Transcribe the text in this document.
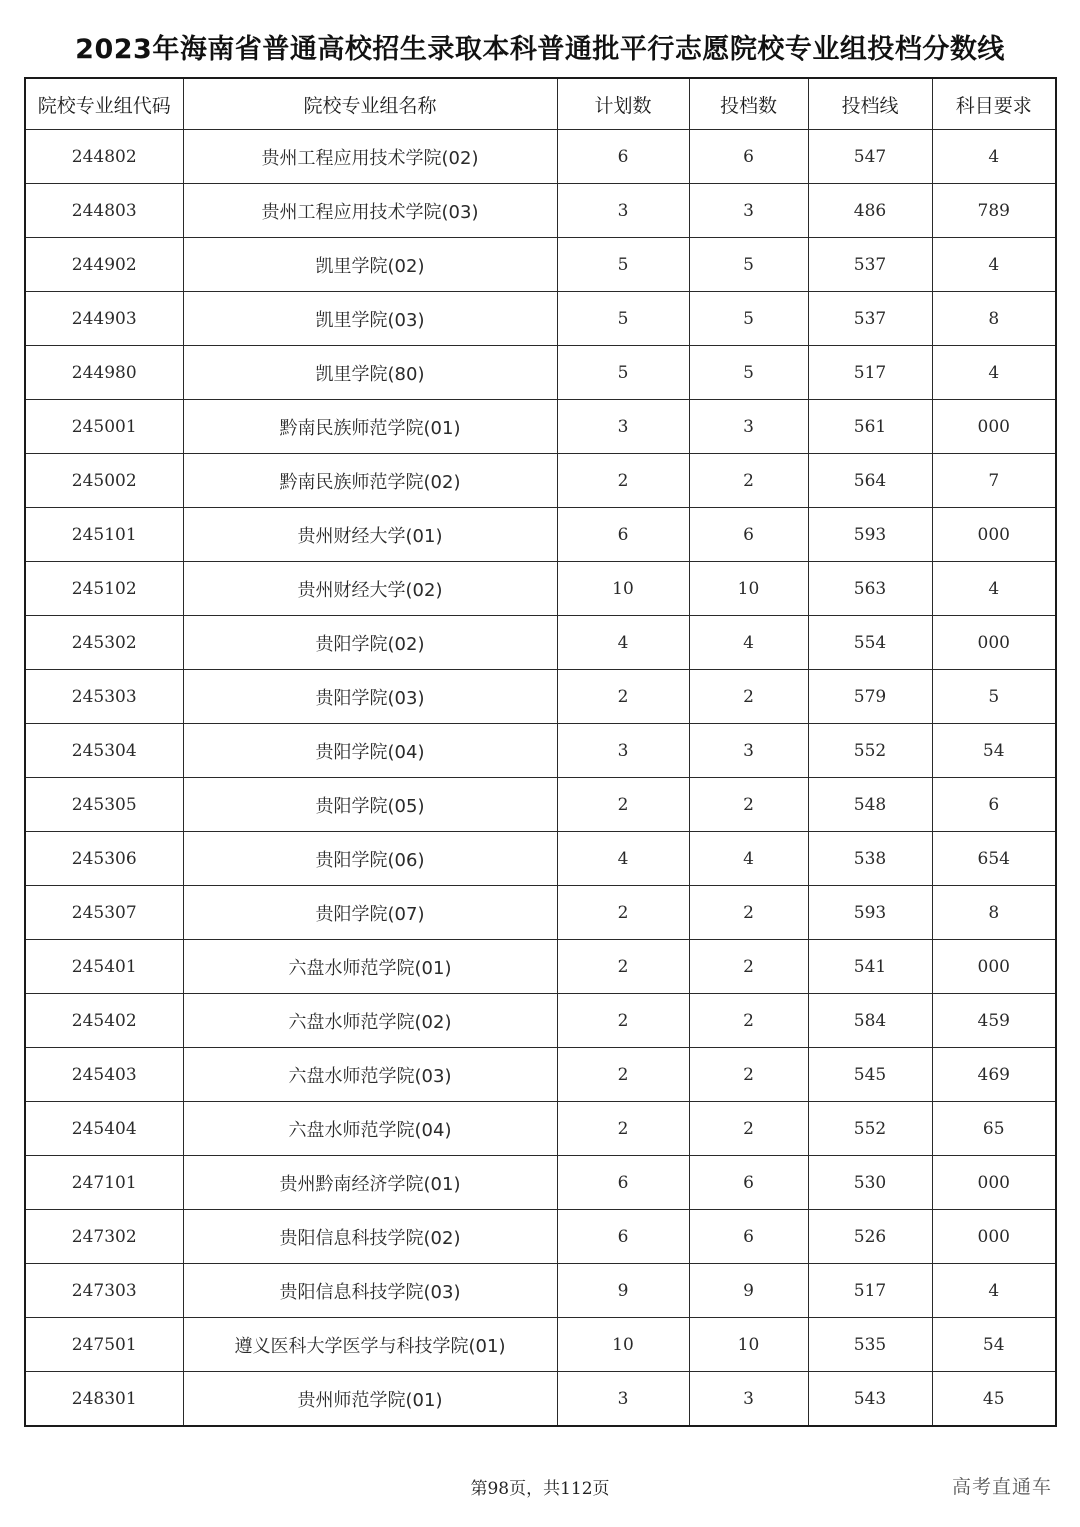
2023年海南省普通高校招生录取本科普通批平行志愿院校专业组投档分数线
院校专业组代码	院校专业组名称	计划数	投档数	投档线	科目要求
244802	贵州工程应用技术学院(02)	6	6	547	4
244803	贵州工程应用技术学院(03)	3	3	486	789
244902	凯里学院(02)	5	5	537	4
244903	凯里学院(03)	5	5	537	8
244980	凯里学院(80)	5	5	517	4
245001	黔南民族师范学院(01)	3	3	561	000
245002	黔南民族师范学院(02)	2	2	564	7
245101	贵州财经大学(01)	6	6	593	000
245102	贵州财经大学(02)	10	10	563	4
245302	贵阳学院(02)	4	4	554	000
245303	贵阳学院(03)	2	2	579	5
245304	贵阳学院(04)	3	3	552	54
245305	贵阳学院(05)	2	2	548	6
245306	贵阳学院(06)	4	4	538	654
245307	贵阳学院(07)	2	2	593	8
245401	六盘水师范学院(01)	2	2	541	000
245402	六盘水师范学院(02)	2	2	584	459
245403	六盘水师范学院(03)	2	2	545	469
245404	六盘水师范学院(04)	2	2	552	65
247101	贵州黔南经济学院(01)	6	6	530	000
247302	贵阳信息科技学院(02)	6	6	526	000
247303	贵阳信息科技学院(03)	9	9	517	4
247501	遵义医科大学医学与科技学院(01)	10	10	535	54
248301	贵州师范学院(01)	3	3	543	45
第98页，共112页	高考直通车
